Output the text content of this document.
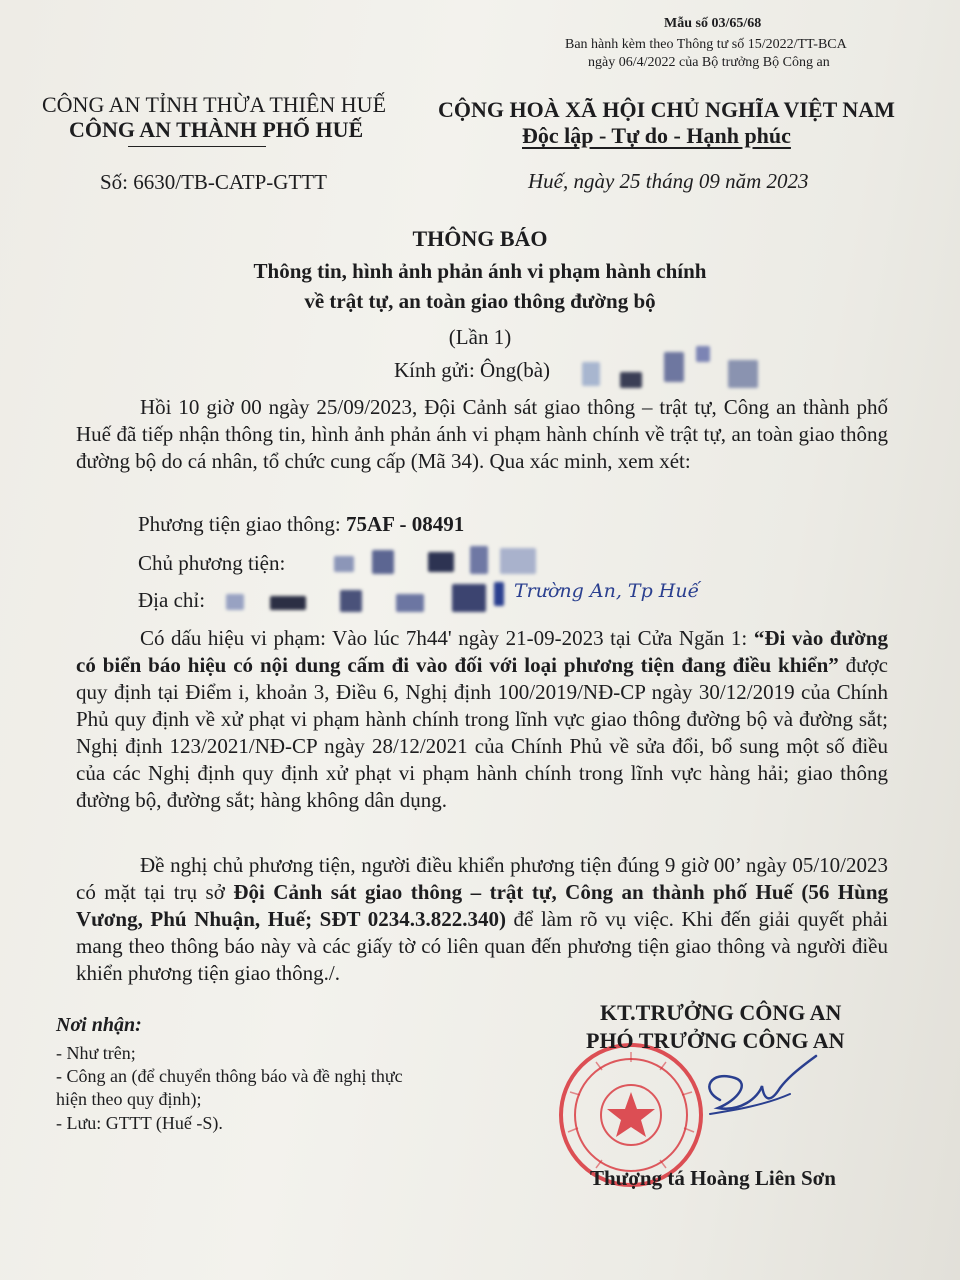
Mẫu số 03/65/68
Ban hành kèm theo Thông tư số 15/2022/TT-BCA
ngày 06/4/2022 của Bộ trưởng Bộ Công an
CÔNG AN TỈNH THỪA THIÊN HUẾ
CÔNG AN THÀNH PHỐ HUẾ
CỘNG HOÀ XÃ HỘI CHỦ NGHĨA VIỆT NAM
Độc lập - Tự do - Hạnh phúc
Số: 6630/TB-CATP-GTTT	Huế, ngày 25 tháng 09 năm 2023
THÔNG BÁO
Thông tin, hình ảnh phản ánh vi phạm hành chính
về trật tự, an toàn giao thông đường bộ
(Lần 1)
Kính gửi: Ông(bà)
Hồi 10 giờ 00 ngày 25/09/2023, Đội Cảnh sát giao thông – trật tự, Công an thành phố Huế đã tiếp nhận thông tin, hình ảnh phản ánh vi phạm hành chính về trật tự, an toàn giao thông đường bộ do cá nhân, tổ chức cung cấp (Mã 34). Qua xác minh, xem xét:
Phương tiện giao thông: 75AF - 08491
Chủ phương tiện:
Địa chỉ:	Trường An, Tp Huế
Có dấu hiệu vi phạm: Vào lúc 7h44' ngày 21-09-2023 tại Cửa Ngăn 1: “Đi vào đường có biển báo hiệu có nội dung cấm đi vào đối với loại phương tiện đang điều khiển” được quy định tại Điểm i, khoản 3, Điều 6, Nghị định 100/2019/NĐ-CP ngày 30/12/2019 của Chính Phủ quy định về xử phạt vi phạm hành chính trong lĩnh vực giao thông đường bộ và đường sắt; Nghị định 123/2021/NĐ-CP ngày 28/12/2021 của Chính Phủ về sửa đổi, bổ sung một số điều của các Nghị định quy định xử phạt vi phạm hành chính trong lĩnh vực hàng hải; giao thông đường bộ, đường sắt; hàng không dân dụng.
Đề nghị chủ phương tiện, người điều khiển phương tiện đúng 9 giờ 00’ ngày 05/10/2023 có mặt tại trụ sở Đội Cảnh sát giao thông – trật tự, Công an thành phố Huế (56 Hùng Vương, Phú Nhuận, Huế; SĐT 0234.3.822.340) để làm rõ vụ việc. Khi đến giải quyết phải mang theo thông báo này và các giấy tờ có liên quan đến phương tiện giao thông và người điều khiển phương tiện giao thông./.
Nơi nhận:
- Như trên;
- Công an (để chuyển thông báo và đề nghị thực
hiện theo quy định);
- Lưu: GTTT (Huế -S).
KT.TRƯỞNG CÔNG AN
PHÓ TRƯỞNG CÔNG AN
Thượng tá Hoàng Liên Sơn
